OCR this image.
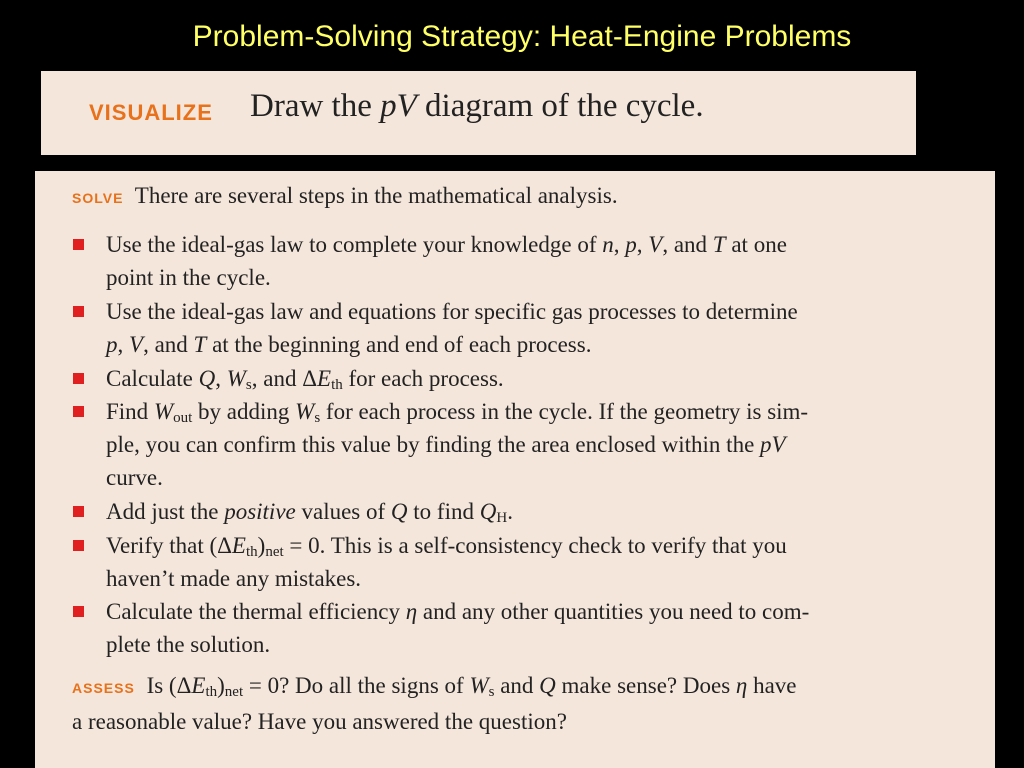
Problem-Solving Strategy: Heat-Engine Problems
VISUALIZE Draw the pV diagram of the cycle.
SOLVE There are several steps in the mathematical analysis.
Use the ideal-gas law to complete your knowledge of n, p, V, and T at one
point in the cycle.
Use the ideal-gas law and equations for specific gas processes to determine
p, V, and T at the beginning and end of each process.
Calculate Q, $W_s$, and $\Delta E_{th}$ for each process.
Find $W_{out}$ by adding $W_s$ for each process in the cycle. If the geometry is sim-
ple, you can confirm this value by finding the area enclosed within the pV
curve.
Add just the positive values of Q to find $Q_H$.
Verify that $(\Delta E_{th})_{net} = 0$. This is a self-consistency check to verify that you
haven’t made any mistakes.
Calculate the thermal efficiency η and any other quantities you need to com-
plete the solution.
ASSESS Is $(\Delta E_{th})_{net} = 0$? Do all the signs of $W_s$ and Q make sense? Does η have
a reasonable value? Have you answered the question?
